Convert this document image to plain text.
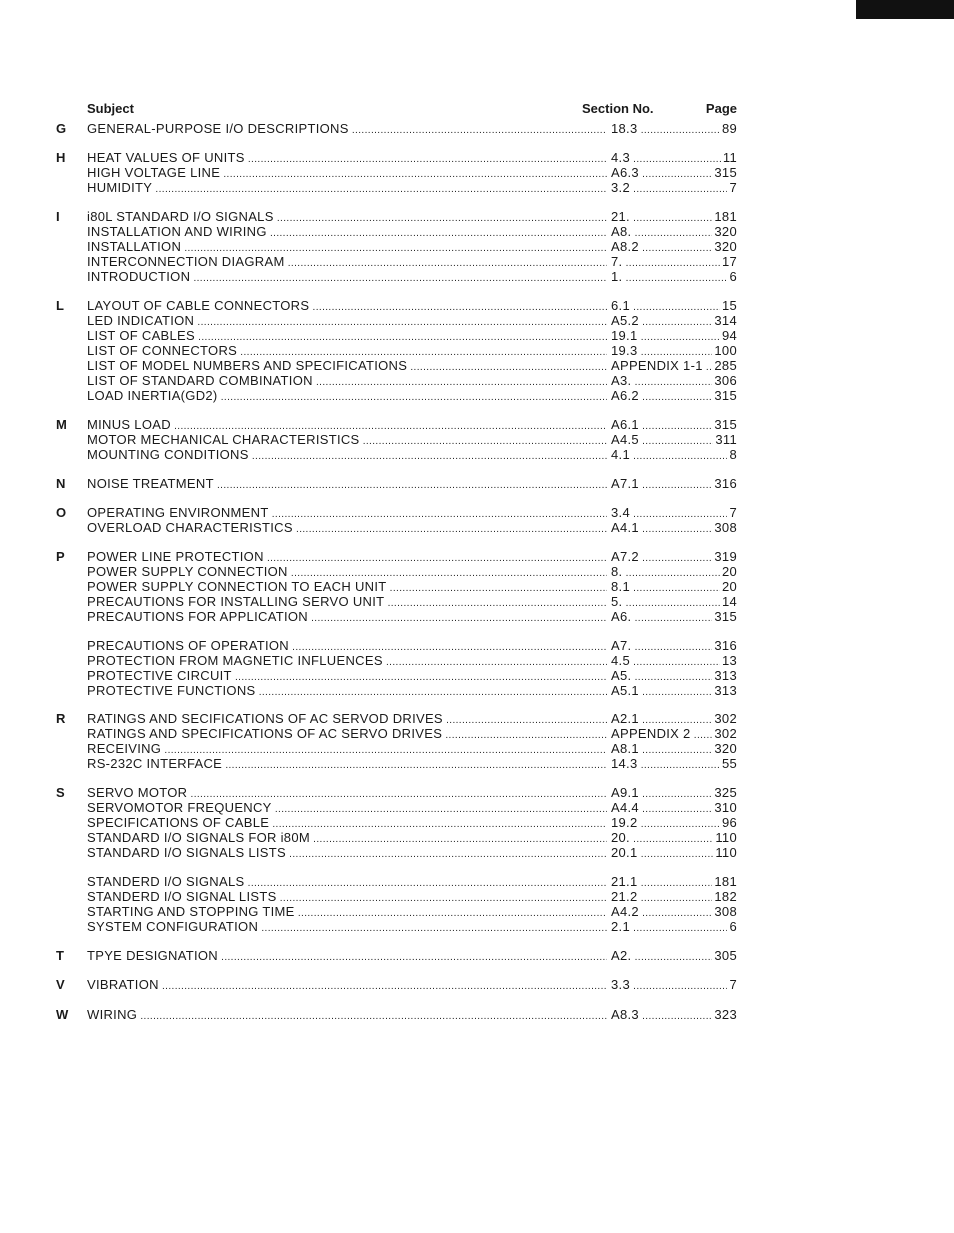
Subject	Section No.	Page
G	GENERAL-PURPOSE I/O DESCRIPTIONS .....	18.3 .....	89
H	HEAT VALUES OF UNITS .....	4.3 .....	11
HIGH VOLTAGE LINE .....	A6.3 .....	315
HUMIDITY .....	3.2 .....	7
I	i80L STANDARD I/O SIGNALS .....	21. .....	181
INSTALLATION AND WIRING .....	A8. .....	320
INSTALLATION .....	A8.2 .....	320
INTERCONNECTION DIAGRAM .....	7. .....	17
INTRODUCTION .....	1. .....	6
L	LAYOUT OF CABLE CONNECTORS .....	6.1 .....	15
LED INDICATION .....	A5.2 .....	314
LIST OF CABLES .....	19.1 .....	94
LIST OF CONNECTORS .....	19.3 .....	100
LIST OF MODEL NUMBERS AND SPECIFICATIONS .....	APPENDIX 1-1 ..... 285
LIST OF STANDARD COMBINATION .....	A3. .....	306
LOAD INERTIA(GD2) .....	A6.2 .....	315
M	MINUS LOAD .....	A6.1 .....	315
MOTOR MECHANICAL CHARACTERISTICS .....	A4.5 .....	311
MOUNTING CONDITIONS .....	4.1 .....	8
N	NOISE TREATMENT .....	A7.1 .....	316
O	OPERATING ENVIRONMENT .....	3.4 .....	7
OVERLOAD CHARACTERISTICS .....	A4.1 .....	308
P	POWER LINE PROTECTION .....	A7.2 .....	319
POWER SUPPLY CONNECTION .....	8. .....	20
POWER SUPPLY CONNECTION TO EACH UNIT .....	8.1 .....	20
PRECAUTIONS FOR INSTALLING SERVO UNIT .....	5. .....	14
PRECAUTIONS FOR APPLICATION .....	A6. .....	315
PRECAUTIONS OF OPERATION .....	A7. .....	316
PROTECTION FROM MAGNETIC INFLUENCES .....	4.5 .....	13
PROTECTIVE CIRCUIT .....	A5. .....	313
PROTECTIVE FUNCTIONS .....	A5.1 .....	313
R	RATINGS AND SECIFICATIONS OF AC SERVOD DRIVES .....	A2.1 .....	302
RATINGS AND SPECIFICATIONS OF AC SERVO DRIVES .....	APPENDIX 2 .....	302
RECEIVING .....	A8.1 .....	320
RS-232C INTERFACE .....	14.3 .....	55
S	SERVO MOTOR .....	A9.1 .....	325
SERVOMOTOR FREQUENCY .....	A4.4 .....	310
SPECIFICATIONS OF CABLE .....	19.2 .....	96
STANDARD I/O SIGNALS FOR i80M .....	20. .....	110
STANDARD I/O SIGNALS LISTS .....	20.1 .....	110
STANDERD I/O SIGNALS .....	21.1 .....	181
STANDERD I/O SIGNAL LISTS .....	21.2 .....	182
STARTING AND STOPPING TIME .....	A4.2 .....	308
SYSTEM CONFIGURATION .....	2.1 .....	6
T	TPYE DESIGNATION .....	A2. .....	305
V	VIBRATION .....	3.3 .....	7
W	WIRING .....	A8.3 .....	323
